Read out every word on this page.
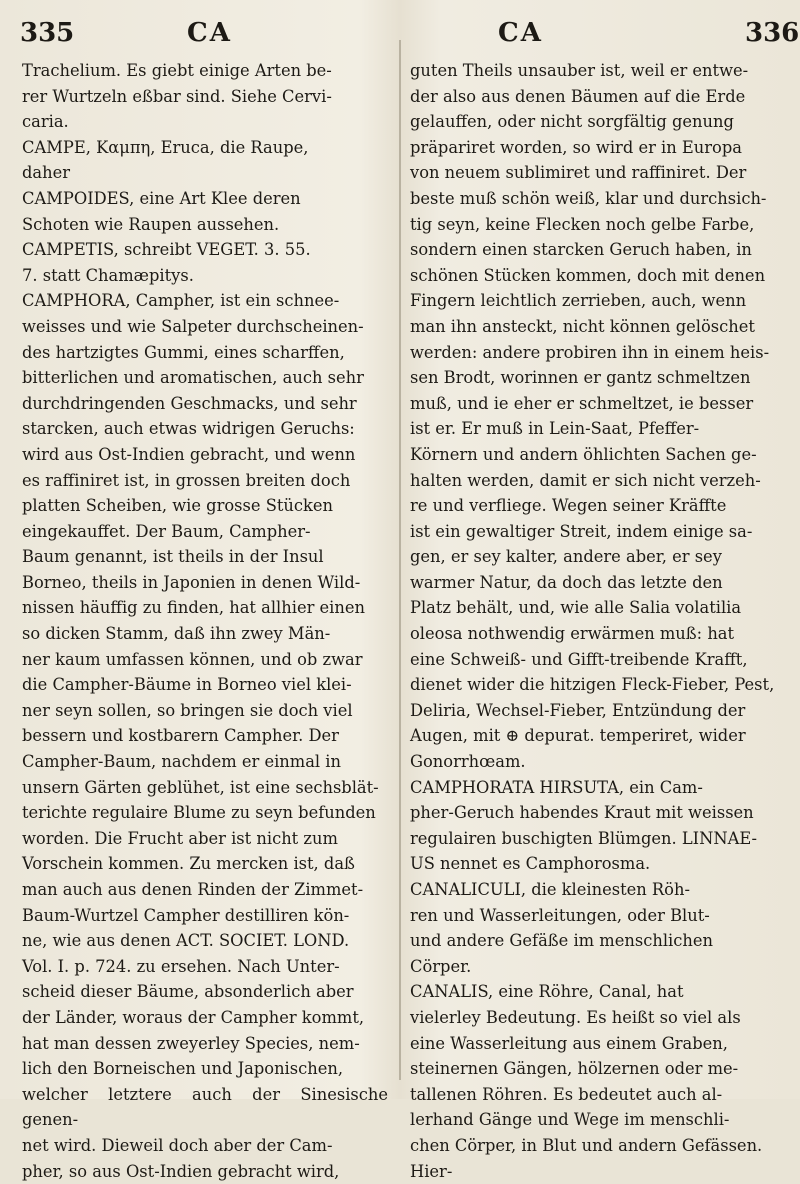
335	CA	CA	336

Trachelium. Es giebt einige Arten be-

rer Wurtzeln eßbar sind. Siehe Cervi-

caria.

CAMPE, Καμπη, Eruca, die Raupe,

daher

CAMPOIDES, eine Art Klee deren

Schoten wie Raupen aussehen.

CAMPETIS, schreibt VEGET. 3. 55.

7. statt Chamæpitys.

CAMPHORA, Campher, ist ein schnee-

weisses und wie Salpeter durchscheinen-

des hartzigtes Gummi, eines scharffen,

bitterlichen und aromatischen, auch sehr

durchdringenden Geschmacks, und sehr

starcken, auch etwas widrigen Geruchs:

wird aus Ost-Indien gebracht, und wenn

es raffiniret ist, in grossen breiten doch

platten Scheiben, wie grosse Stücken

eingekauffet. Der Baum, Campher-

Baum genannt, ist theils in der Insul

Borneo, theils in Japonien in denen Wild-

nissen häuffig zu finden, hat allhier einen

so dicken Stamm, daß ihn zwey Män-

ner kaum umfassen können, und ob zwar

die Campher-Bäume in Borneo viel klei-

ner seyn sollen, so bringen sie doch viel

bessern und kostbarern Campher. Der

Campher-Baum, nachdem er einmal in

unsern Gärten geblühet, ist eine sechsblät-

terichte regulaire Blume zu seyn befunden

worden. Die Frucht aber ist nicht zum

Vorschein kommen. Zu mercken ist, daß

man auch aus denen Rinden der Zimmet-

Baum-Wurtzel Campher destilliren kön-

ne, wie aus denen ACT. SOCIET. LOND.

Vol. I. p. 724. zu ersehen. Nach Unter-

scheid dieser Bäume, absonderlich aber

der Länder, woraus der Campher kommt,

hat man dessen zweyerley Species, nem-

lich den Borneischen und Japonischen,

welcher letztere auch der Sinesische genen-

net wird. Dieweil doch aber der Cam-

pher, so aus Ost-Indien gebracht wird,

guten Theils unsauber ist, weil er entwe-

der also aus denen Bäumen auf die Erde

gelauffen, oder nicht sorgfältig genung

präpariret worden, so wird er in Europa

von neuem sublimiret und raffiniret. Der

beste muß schön weiß, klar und durchsich-

tig seyn, keine Flecken noch gelbe Farbe,

sondern einen starcken Geruch haben, in

schönen Stücken kommen, doch mit denen

Fingern leichtlich zerrieben, auch, wenn

man ihn ansteckt, nicht können gelöschet

werden: andere probiren ihn in einem heis-

sen Brodt, worinnen er gantz schmeltzen

muß, und ie eher er schmeltzet, ie besser

ist er. Er muß in Lein-Saat, Pfeffer-

Körnern und andern öhlichten Sachen ge-

halten werden, damit er sich nicht verzeh-

re und verfliege. Wegen seiner Kräffte

ist ein gewaltiger Streit, indem einige sa-

gen, er sey kalter, andere aber, er sey

warmer Natur, da doch das letzte den

Platz behält, und, wie alle Salia volatilia

oleosa nothwendig erwärmen muß: hat

eine Schweiß- und Gifft-treibende Krafft,

dienet wider die hitzigen Fleck-Fieber, Pest,

Deliria, Wechsel-Fieber, Entzündung der

Augen, mit ⊕ depurat. temperiret, wider

Gonorrhœam.

CAMPHORATA HIRSUTA, ein Cam-

pher-Geruch habendes Kraut mit weissen

regulairen buschigten Blümgen. LINNAE-

US nennet es Camphorosma.

CANALICULI, die kleinesten Röh-

ren und Wasserleitungen, oder Blut-

und andere Gefäße im menschlichen

Cörper.

CANALIS, eine Röhre, Canal, hat

vielerley Bedeutung. Es heißt so viel als

eine Wasserleitung aus einem Graben,

steinernen Gängen, hölzernen oder me-

tallenen Röhren. Es bedeutet auch al-

lerhand Gänge und Wege im menschli-

chen Cörper, in Blut und andern Gefässen.

Hier-
